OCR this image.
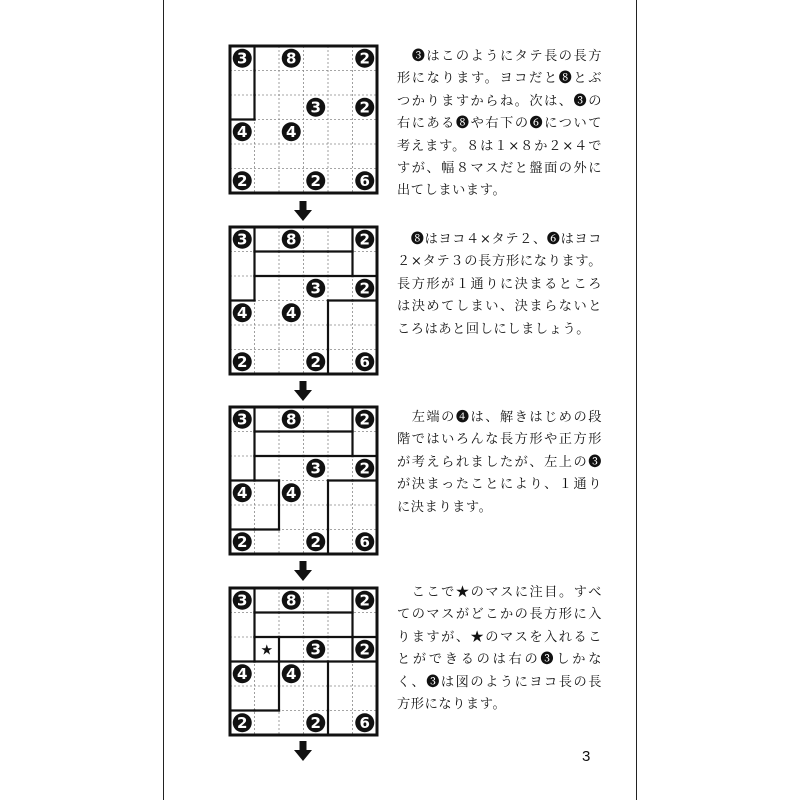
3	8	2
3	2
4	4
2	2	6
　❸はこのようにタテ長の長方形になります。ヨコだと❽とぶつかりますからね。次は、❸の右にある❽や右下の❻について考えます。８は１×８か２×４ですが、幅８マスだと盤面の外に出てしまいます。
3	8	2
3	2
4	4
2	2	6
　❽はヨコ４×タテ２、❻はヨコ２×タテ３の長方形になります。長方形が１通りに決まるところは決めてしまい、決まらないところはあと回しにしましょう。
3	8	2
3	2
4	4
2	2	6
　左端の❹は、解きはじめの段階ではいろんな長方形や正方形が考えられましたが、左上の❸が決まったことにより、１通りに決まります。
3	8	2
3	2
4	4
2	2	6
★
　ここで★のマスに注目。すべてのマスがどこかの長方形に入りますが、★のマスを入れることができるのは右の❸しかなく、❸は図のようにヨコ長の長方形になります。
3
